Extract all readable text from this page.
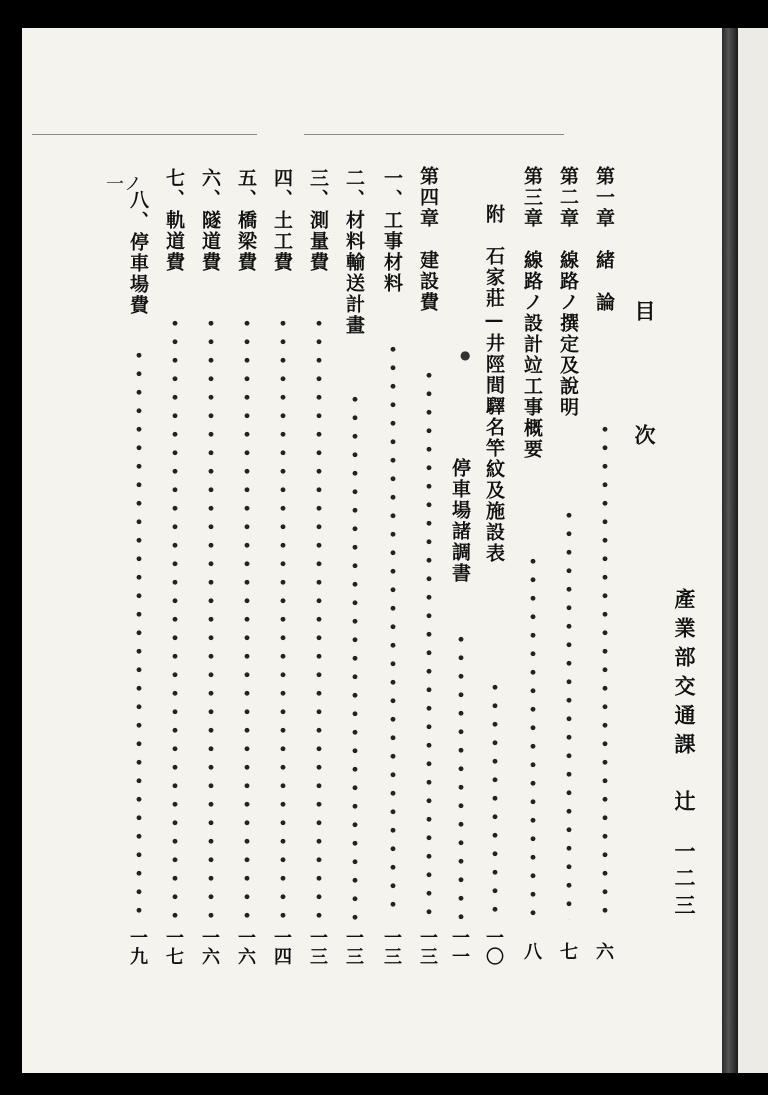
目
次
產業部交通課
辻
一二三
第一章　緒　論
六
第二章　線路ノ撰定及說明
七
第三章　線路ノ設計竝工事概要
八
附　石家莊—井陘間驛名竿紋及施設表
一〇
停車場諸調書
●
一一
第四章　建設費
一三
一、工事材料
一三
二、材料輸送計畫
一三
三、測量費
一三
四、土工費
一四
五、橋梁費
一六
六、隧道費
一六
七、軌道費
一七
八、停車場費
一九
一ノ
